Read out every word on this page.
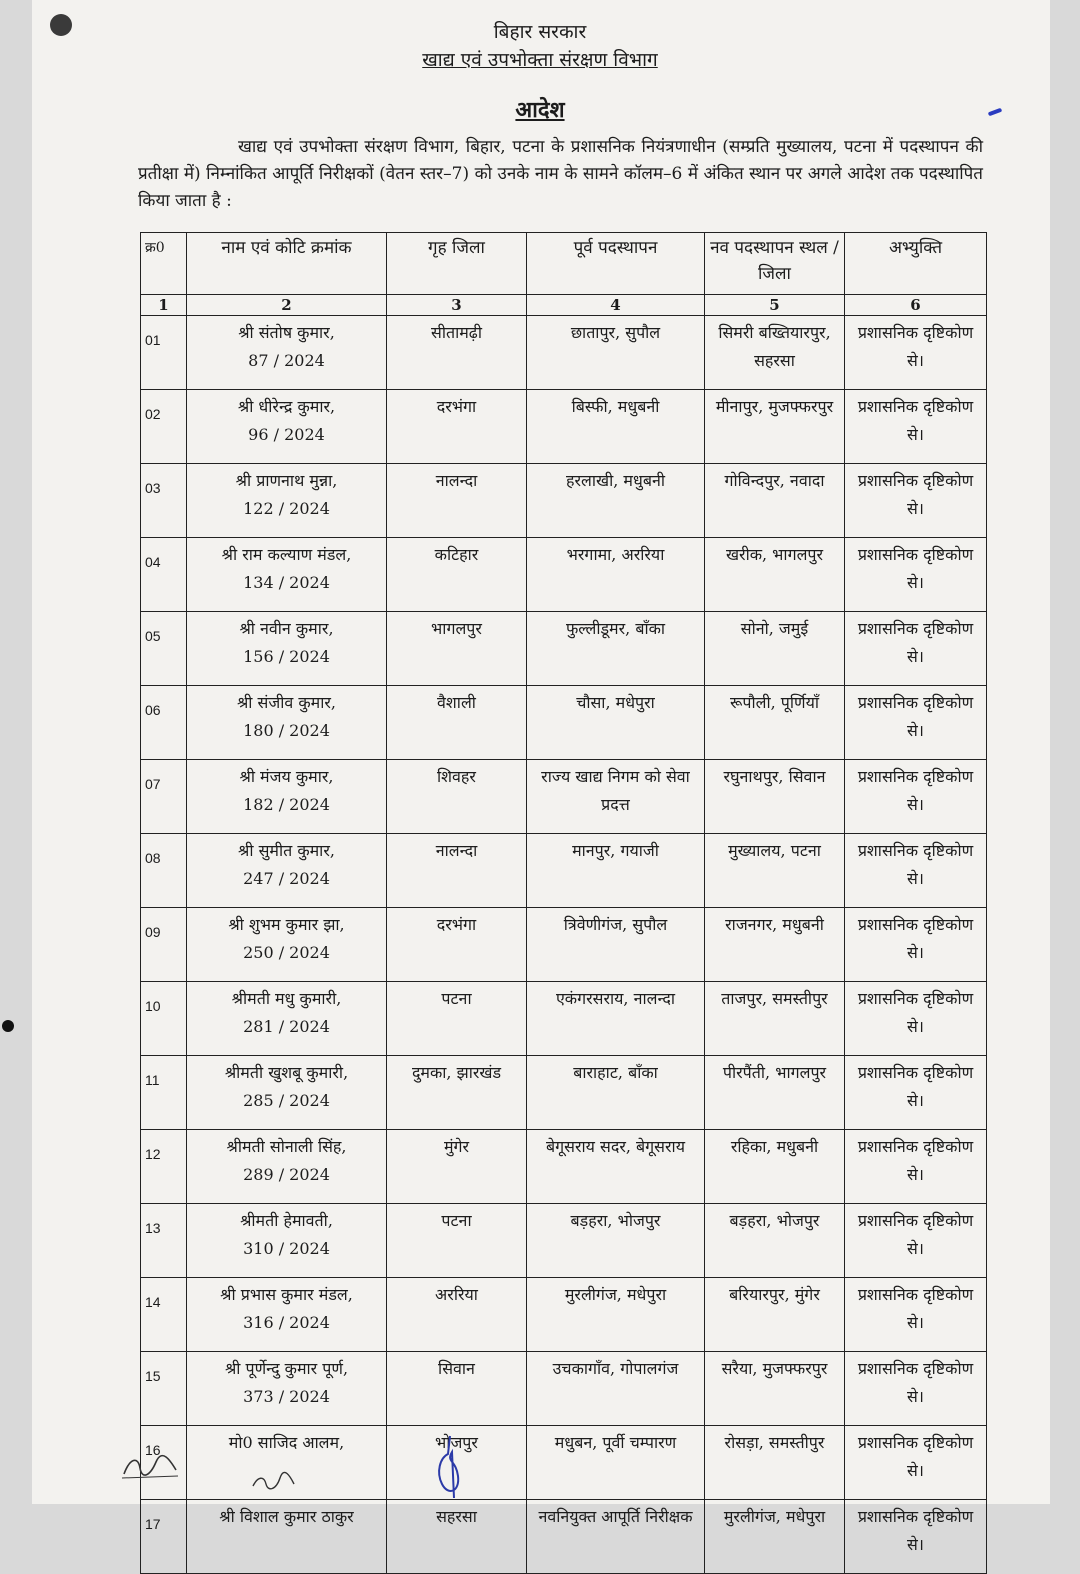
बिहार सरकार
खाद्य एवं उपभोक्ता संरक्षण विभाग
आदेश
खाद्य एवं उपभोक्ता संरक्षण विभाग, बिहार, पटना के प्रशासनिक नियंत्रणाधीन (सम्प्रति मुख्यालय, पटना में पदस्थापन की प्रतीक्षा में) निम्नांकित आपूर्ति निरीक्षकों (वेतन स्तर–7) को उनके नाम के सामने कॉलम–6 में अंकित स्थान पर अगले आदेश तक पदस्थापित किया जाता है :
क्र0	नाम एवं कोटि क्रमांक	गृह जिला	पूर्व पदस्थापन	नव पदस्थापन स्थल / जिला	अभ्युक्ति
1	2	3	4	5	6

01	श्री संतोष कुमार,
87 / 2024	सीतामढ़ी	छातापुर, सुपौल	सिमरी बख्तियारपुर, सहरसा	प्रशासनिक दृष्टिकोण से।

02	श्री धीरेन्द्र कुमार,
96 / 2024	दरभंगा	बिस्फी, मधुबनी	मीनापुर, मुजफ्फरपुर	प्रशासनिक दृष्टिकोण से।

03	श्री प्राणनाथ मुन्ना,
122 / 2024	नालन्दा	हरलाखी, मधुबनी	गोविन्दपुर, नवादा	प्रशासनिक दृष्टिकोण से।

04	श्री राम कल्याण मंडल,
134 / 2024	कटिहार	भरगामा, अररिया	खरीक, भागलपुर	प्रशासनिक दृष्टिकोण से।

05	श्री नवीन कुमार,
156 / 2024	भागलपुर	फुल्लीडूमर, बाँका	सोनो, जमुई	प्रशासनिक दृष्टिकोण से।

06	श्री संजीव कुमार,
180 / 2024	वैशाली	चौसा, मधेपुरा	रूपौली, पूर्णियाँ	प्रशासनिक दृष्टिकोण से।

07	श्री मंजय कुमार,
182 / 2024	शिवहर	राज्य खाद्य निगम को सेवा प्रदत्त	रघुनाथपुर, सिवान	प्रशासनिक दृष्टिकोण से।

08	श्री सुमीत कुमार,
247 / 2024	नालन्दा	मानपुर, गयाजी	मुख्यालय, पटना	प्रशासनिक दृष्टिकोण से।

09	श्री शुभम कुमार झा,
250 / 2024	दरभंगा	त्रिवेणीगंज, सुपौल	राजनगर, मधुबनी	प्रशासनिक दृष्टिकोण से।

10	श्रीमती मधु कुमारी,
281 / 2024	पटना	एकंगरसराय, नालन्दा	ताजपुर, समस्तीपुर	प्रशासनिक दृष्टिकोण से।

11	श्रीमती खुशबू कुमारी,
285 / 2024	दुमका, झारखंड	बाराहाट, बाँका	पीरपैंती, भागलपुर	प्रशासनिक दृष्टिकोण से।

12	श्रीमती सोनाली सिंह,
289 / 2024	मुंगेर	बेगूसराय सदर, बेगूसराय	रहिका, मधुबनी	प्रशासनिक दृष्टिकोण से।

13	श्रीमती हेमावती,
310 / 2024	पटना	बड़हरा, भोजपुर	बड़हरा, भोजपुर	प्रशासनिक दृष्टिकोण से।

14	श्री प्रभास कुमार मंडल,
316 / 2024	अररिया	मुरलीगंज, मधेपुरा	बरियारपुर, मुंगेर	प्रशासनिक दृष्टिकोण से।

15	श्री पूर्णेन्दु कुमार पूर्ण,
373 / 2024	सिवान	उचकागाँव, गोपालगंज	सरैया, मुजफ्फरपुर	प्रशासनिक दृष्टिकोण से।

16	मो0 साजिद आलम,	भोजपुर	मधुबन, पूर्वी चम्पारण	रोसड़ा, समस्तीपुर	प्रशासनिक दृष्टिकोण से।

17	श्री विशाल कुमार ठाकुर	सहरसा	नवनियुक्त आपूर्ति निरीक्षक	मुरलीगंज, मधेपुरा	प्रशासनिक दृष्टिकोण से।
